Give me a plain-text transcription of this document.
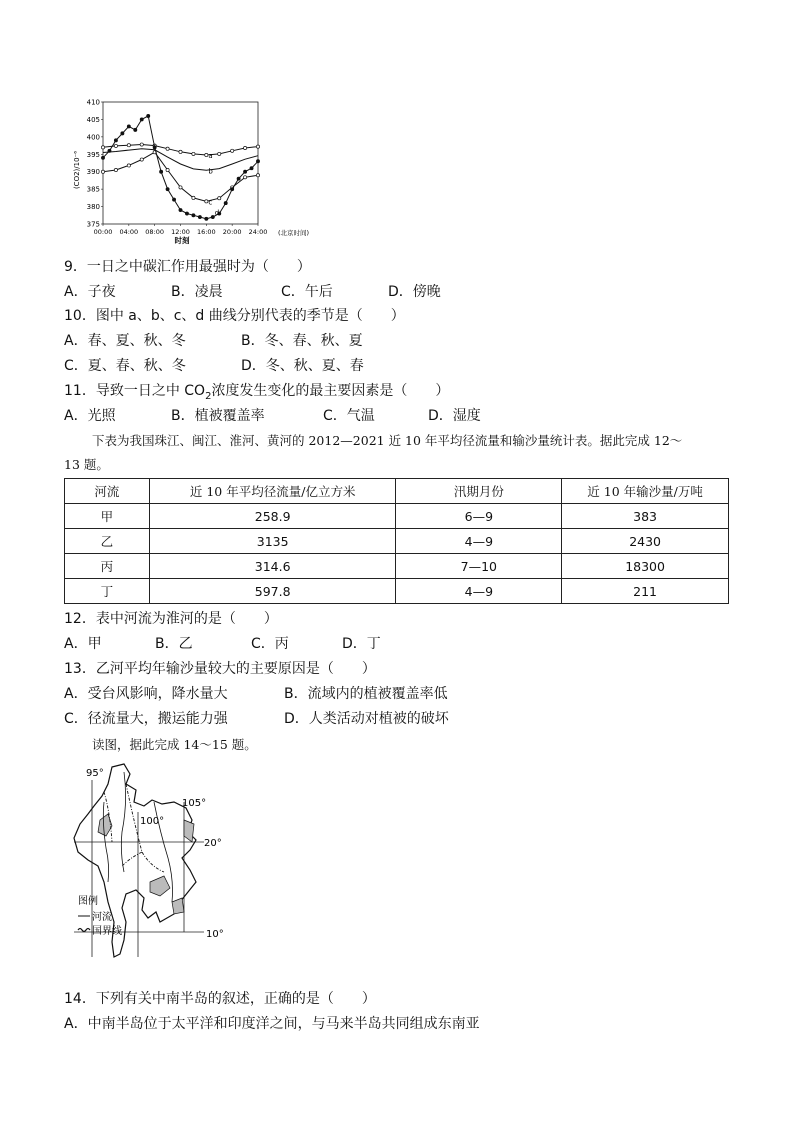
375
380
385
390
395
400
405
410
00:00 04:00 08:00 12:00 16:00 20:00 24:00
a
b
c
d
(CO2)/10⁻⁶
时刻
(北京时间)
9．一日之中碳汇作用最强时为（　　）
A．子夜	B．凌晨	C．午后	D．傍晚
10．图中 a、b、c、d 曲线分别代表的季节是（　　）
A．春、夏、秋、冬	B．冬、春、秋、夏
C．夏、春、秋、冬	D．冬、秋、夏、春
11．导致一日之中 $CO_2$浓度发生变化的最主要因素是（　　）
A．光照	B．植被覆盖率	C．气温	D．湿度
下表为我国珠江、闽江、淮河、黄河的 2012—2021 近 10 年平均径流量和输沙量统计表。据此完成 12～
13 题。
河流	近 10 年平均径流量/亿立方米	汛期月份	近 10 年输沙量/万吨
甲	258.9	6—9	383
乙	3135	4—9	2430
丙	314.6	7—10	18300
丁	597.8	4—9	211
12．表中河流为淮河的是（　　）
A．甲	B．乙	C．丙	D．丁
13．乙河平均年输沙量较大的主要原因是（　　）
A．受台风影响，降水量大	B．流域内的植被覆盖率低
C．径流量大，搬运能力强	D．人类活动对植被的破坏
读图，据此完成 14～15 题。
95°
100°
105°
20°
10°
图例
河流
国界线
14．下列有关中南半岛的叙述，正确的是（　　）
A．中南半岛位于太平洋和印度洋之间，与马来半岛共同组成东南亚
